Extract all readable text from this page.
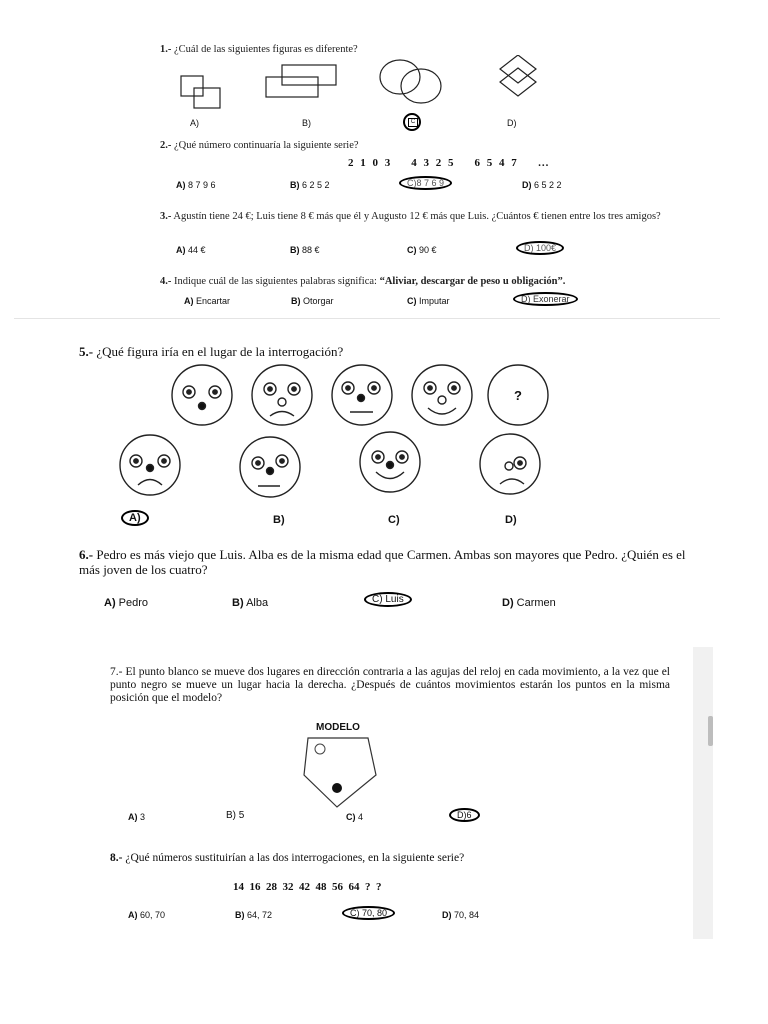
1.- ¿Cuál de las siguientes figuras es diferente?
A)	B)	C	D)
2.- ¿Qué número continuaría la siguiente serie?
2 1 0 3    4 3 2 5    6 5 4 7    …
A) 8 7 9 6	B) 6 2 5 2	C)8 7 6 9	D) 6 5 2 2
3.- Agustín tiene 24 €; Luis tiene 8 € más que él y Augusto 12 € más que Luis. ¿Cuántos € tienen entre los tres amigos?
A) 44 €	B) 88 €	C) 90 €	D) 100€
4.- Indique cuál de las siguientes palabras significa: “Aliviar, descargar de peso u obligación”.
A) Encartar	B) Otorgar	C) Imputar	D) Exonerar
5.- ¿Qué figura iría en el lugar de la interrogación?
?
A)	B)	C)	D)
6.- Pedro es más viejo que Luis. Alba es de la misma edad que Carmen. Ambas son mayores que Pedro. ¿Quién es el más joven de los cuatro?
A) Pedro	B) Alba	C) Luis	D) Carmen
7.- El punto blanco se mueve dos lugares en dirección contraria a las agujas del reloj en cada movimiento, a la vez que el punto negro se mueve un lugar hacia la derecha. ¿Después de cuántos movimientos estarán los puntos en la misma posición que el modelo?
MODELO
A) 3	B) 5	C) 4	D)6
8.- ¿Qué números sustituirían a las dos interrogaciones, en la siguiente serie?
14  16  28  32  42  48  56  64  ?  ?
A) 60, 70	B) 64, 72	C) 70, 80	D) 70, 84
